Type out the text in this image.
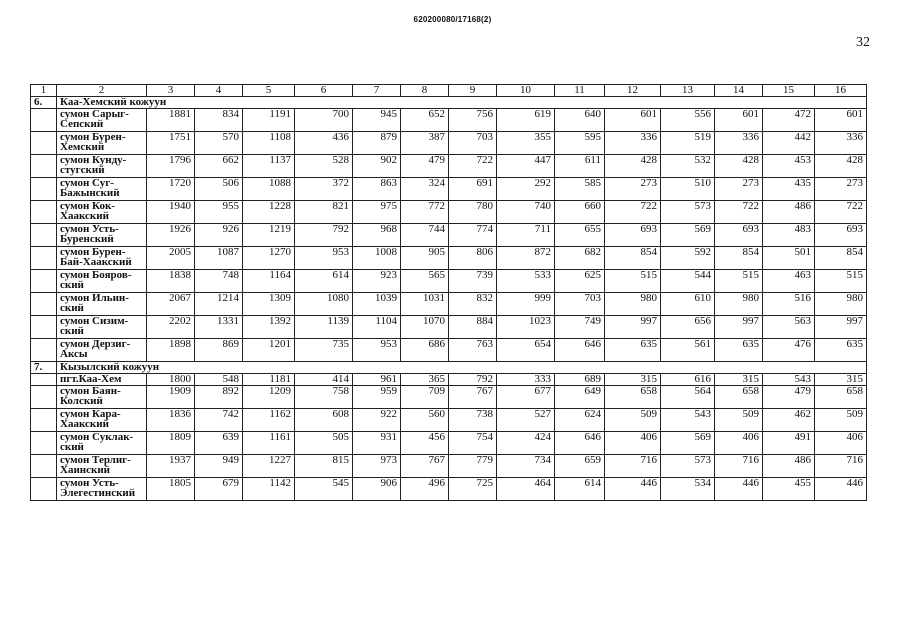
620200080/17168(2)
32
1	2	3	4	5	6	7	8	9	10	11	12	13	14	15	16
6.	Каа-Хемский кожуун														

	сумон Сарыг-
Сепский	1881	834	1191	700	945	652	756	619	640	601	556	601	472	601

	сумон Бурен-
Хемский	1751	570	1108	436	879	387	703	355	595	336	519	336	442	336

	сумон Кунду-
стугский	1796	662	1137	528	902	479	722	447	611	428	532	428	453	428

	сумон Суг-
Бажынский	1720	506	1088	372	863	324	691	292	585	273	510	273	435	273

	сумон Кок-
Хаакский	1940	955	1228	821	975	772	780	740	660	722	573	722	486	722

	сумон Усть-
Буренский	1926	926	1219	792	968	744	774	711	655	693	569	693	483	693

	сумон Бурен-
Бай-Хаакский	2005	1087	1270	953	1008	905	806	872	682	854	592	854	501	854

	сумон Бояров-
ский	1838	748	1164	614	923	565	739	533	625	515	544	515	463	515

	сумон Ильин-
ский	2067	1214	1309	1080	1039	1031	832	999	703	980	610	980	516	980

	сумон Сизим-
ский	2202	1331	1392	1139	1104	1070	884	1023	749	997	656	997	563	997

	сумон Дерзиг-
Аксы	1898	869	1201	735	953	686	763	654	646	635	561	635	476	635
7.	Кызылский кожуун														

	пгт.Каа-Хем	1800	548	1181	414	961	365	792	333	689	315	616	315	543	315

	сумон Баян-
Колский	1909	892	1209	758	959	709	767	677	649	658	564	658	479	658

	сумон Кара-
Хаакский	1836	742	1162	608	922	560	738	527	624	509	543	509	462	509

	сумон Суклак-
ский	1809	639	1161	505	931	456	754	424	646	406	569	406	491	406

	сумон Терлиг-
Хаинский	1937	949	1227	815	973	767	779	734	659	716	573	716	486	716

	сумон Усть-
Элегестинский	1805	679	1142	545	906	496	725	464	614	446	534	446	455	446
